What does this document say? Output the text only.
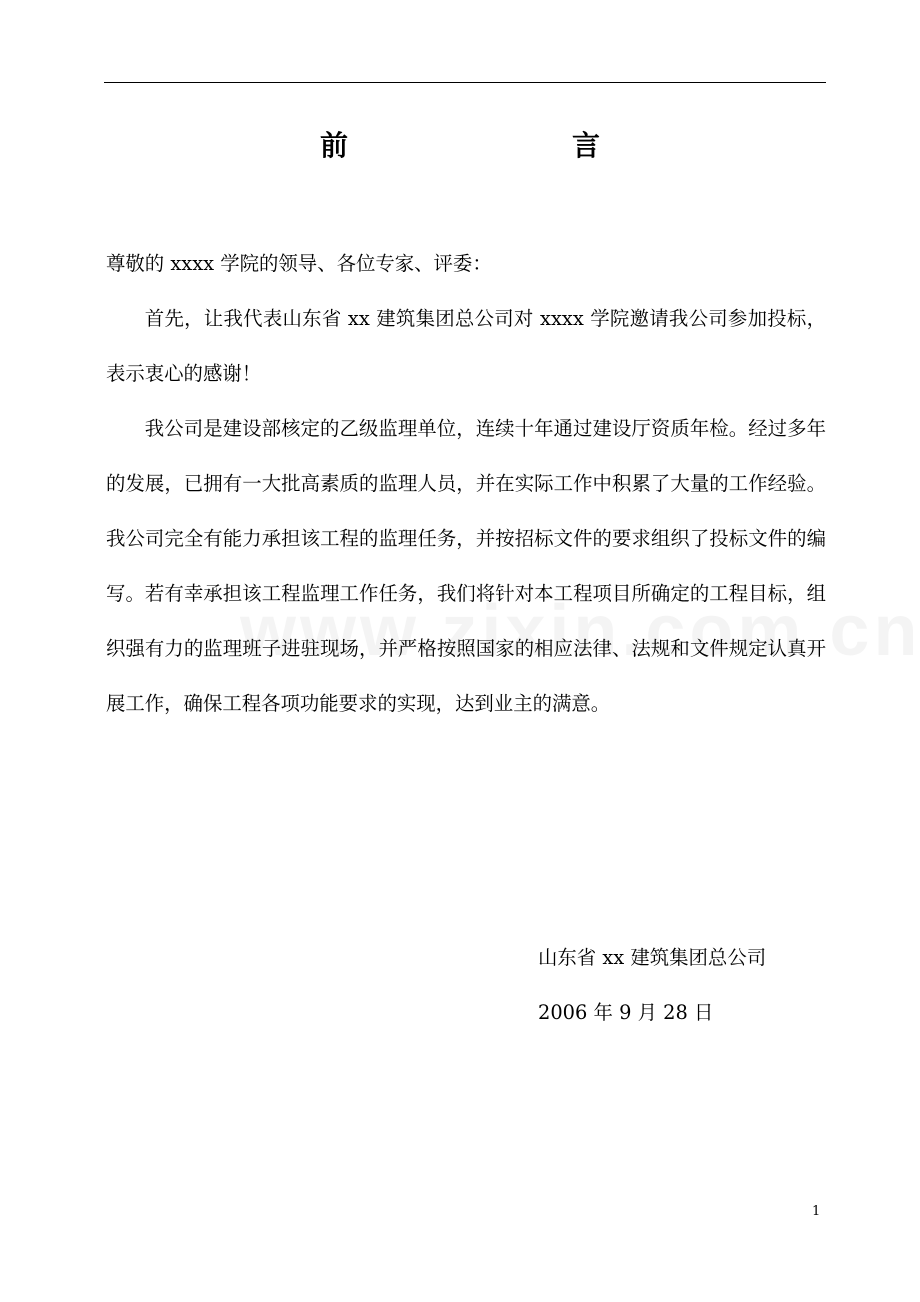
前　　言

尊敬的 xxxx 学院的领导、各位专家、评委：

首先，让我代表山东省 xx 建筑集团总公司对 xxxx 学院邀请我公司参加投标，表示衷心的感谢！

我公司是建设部核定的乙级监理单位，连续十年通过建设厅资质年检。经过多年的发展，已拥有一大批高素质的监理人员，并在实际工作中积累了大量的工作经验。我公司完全有能力承担该工程的监理任务，并按招标文件的要求组织了投标文件的编写。若有幸承担该工程监理工作任务，我们将针对本工程项目所确定的工程目标，组织强有力的监理班子进驻现场，并严格按照国家的相应法律、法规和文件规定认真开展工作，确保工程各项功能要求的实现，达到业主的满意。

山东省 xx 建筑集团总公司
2006 年 9 月 28 日
1
